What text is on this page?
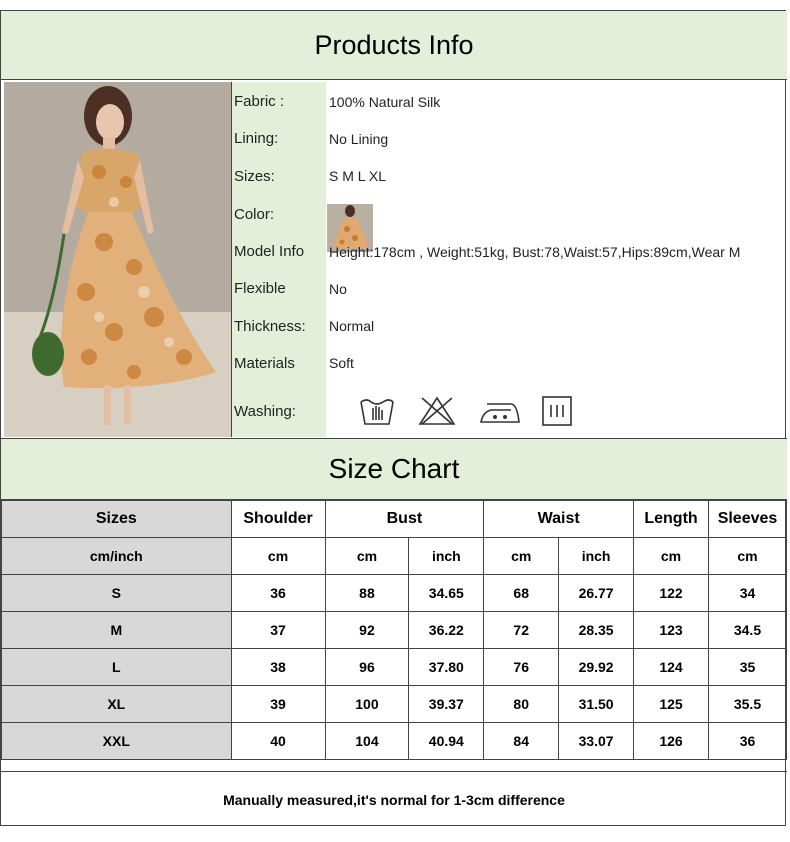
Products Info
Fabric :	100% Natural Silk
Lining:	No Lining
Sizes:	S M L XL
Color:
Model Info Height:178cm , Weight:51kg, Bust:78,Waist:57,Hips:89cm,Wear M
Flexible	No
Thickness: Normal
Materials Soft
Washing:
Size Chart
Sizes	Shoulder	Bust		Waist		Length	Sleeves
cm/inch	cm	cm	inch	cm	inch	cm	cm
S	36	88	34.65	68	26.77	122	34
M	37	92	36.22	72	28.35	123	34.5
L	38	96	37.80	76	29.92	124	35
XL	39	100	39.37	80	31.50	125	35.5
XXL	40	104	40.94	84	33.07	126	36
Manually measured,it's normal for 1-3cm difference
